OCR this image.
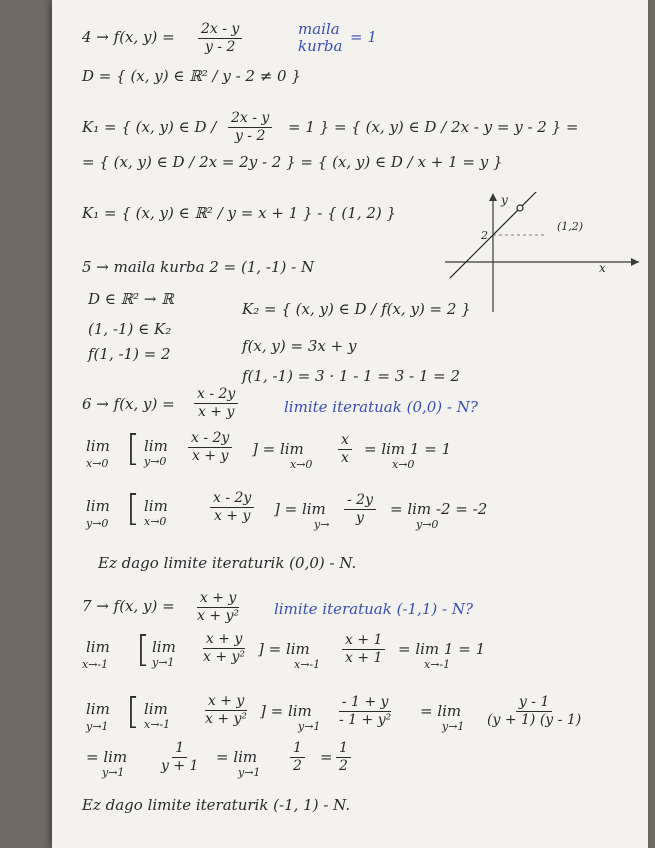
4 → f(x, $y) = \frac{2x - y}{y - 2}$	maila
kurba = 1
D = { (x, y) ∈ ℝ² / y - 2 ≠ 0 }
K₁ = { (x, y) ∈ $D / \frac{2x - y}{y - 2} = 1$ } = { (x, y) ∈ D / 2x - y = y - 2 } =
= { (x, y) ∈ D / 2x = 2y - 2 } = { (x, y) ∈ D / x + 1 = y }
K₁ = { (x, y) ∈ ℝ² / y = x + 1 } - { (1, 2) }
y
x
2
(1,2)
5 → maila kurba 2 = (1, -1) - N
D ∈ ℝ² → ℝ
K₂ = { (x, y) ∈ D / f(x, y) = 2 }
(1, -1) ∈ K₂
f(1, -1) = 2	f(x, y) = 3x + y
f(1, -1) = 3 · 1 - 1 = 3 - 1 = 2
6 → f(x, $y) = \frac{x - 2y}{x + y}$	limite iteratuak (0,0) - N?
lim
x→0 [ lim
$y\to 0 \frac{x - 2y}{x + y}$ ] = lim
$x\to 0 \frac{x}{x} = \lim 1 = 1$
x→0
lim
y→0 [ lim
x→0	$\frac{x - 2y}{x + y}$ ] = lim
$y\to \frac{- 2y}{y} = \lim -2 = -2$
y→0
Ez dago limite iteraturik (0,0) - N.
7 → f(x, $y) = \frac{x + y}{\text{x + y²}}$ limite iteratuak (-1,1) - N?
lim
x→-1 [ lim
$y\to 1 \frac{x + y}{\text{x + y²}}$ ] = lim
$x\to-1 \frac{x + 1}{x + 1} = \lim 1 = 1$
x→-1
lim
y→1 [ lim
$x\to-1 \frac{x + y}{\text{x + y²}}$ ] = lim
$y\to 1 \frac{- 1 + y}{\text{- 1 + y²}} = \lim$
$y\to 1 \frac{y - 1}{(y + 1) (y - 1)}$
= lim
$y\to 1 \frac{1}{y + 1} = \lim$
$y\to 1 \frac{1}{2} = \frac{1}{2}$
Ez dago limite iteraturik (-1, 1) - N.
